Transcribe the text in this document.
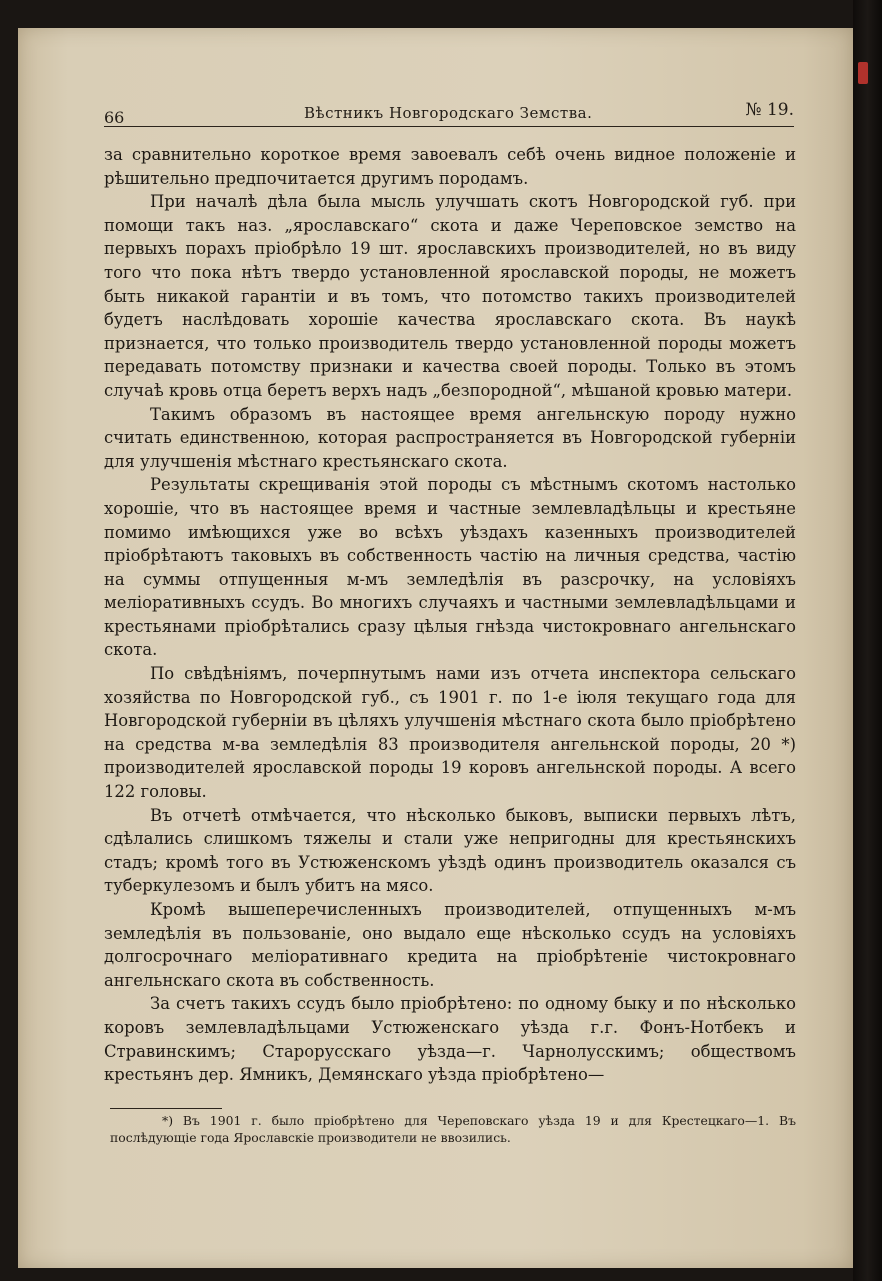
66	Вѣстникъ Новгородскаго Земства.	№ 19.

за сравнительно короткое время завоевалъ себѣ очень видное положеніе и рѣшительно предпочитается другимъ породамъ.

При началѣ дѣла была мысль улучшать скотъ Новгородской губ. при помощи такъ наз. „ярославскаго“ скота и даже Череповское земство на первыхъ порахъ пріобрѣло 19 шт. ярославскихъ производителей, но въ виду того что пока нѣтъ твердо установленной ярославской породы, не можетъ быть никакой гарантіи и въ томъ, что потомство такихъ производителей будетъ наслѣдовать хорошіе качества ярославскаго скота. Въ наукѣ признается, что только производитель твердо установленной породы можетъ передавать потомству признаки и качества своей породы. Только въ этомъ случаѣ кровь отца беретъ верхъ надъ „безпородной“, мѣшаной кровью матери.

Такимъ образомъ въ настоящее время ангельнскую породу нужно считать единственною, которая распространяется въ Новгородской губерніи для улучшенія мѣстнаго крестьянскаго скота.

Результаты скрещиванія этой породы съ мѣстнымъ скотомъ настолько хорошіе, что въ настоящее время и частные землевладѣльцы и крестьяне помимо имѣющихся уже во всѣхъ уѣздахъ казенныхъ производителей пріобрѣтаютъ таковыхъ въ собственность частію на личныя средства, частію на суммы отпущенныя м-мъ земледѣлія въ разсрочку, на условіяхъ меліоративныхъ ссудъ. Во многихъ случаяхъ и частными землевладѣльцами и крестьянами пріобрѣтались сразу цѣлыя гнѣзда чистокровнаго ангельнскаго скота.

По свѣдѣніямъ, почерпнутымъ нами изъ отчета инспектора сельскаго хозяйства по Новгородской губ., съ 1901 г. по 1-е іюля текущаго года для Новгородской губерніи въ цѣляхъ улучшенія мѣстнаго скота было пріобрѣтено на средства м-ва земледѣлія 83 производителя ангельнской породы, 20 *) производителей ярославской породы 19 коровъ ангельнской породы. А всего 122 головы.

Въ отчетѣ отмѣчается, что нѣсколько быковъ, выписки первыхъ лѣтъ, сдѣлались слишкомъ тяжелы и стали уже непригодны для крестьянскихъ стадъ; кромѣ того въ Устюженскомъ уѣздѣ одинъ производитель оказался съ туберкулезомъ и былъ убитъ на мясо.

Кромѣ вышеперечисленныхъ производителей, отпущенныхъ м-мъ земледѣлія въ пользованіе, оно выдало еще нѣсколько ссудъ на условіяхъ долгосрочнаго меліоративнаго кредита на пріобрѣтеніе чистокровнаго ангельнскаго скота въ собственность.

За счетъ такихъ ссудъ было пріобрѣтено: по одному быку и по нѣсколько коровъ землевладѣльцами Устюженскаго уѣзда г.г. Фонъ-Нотбекъ и Стравинскимъ; Старорусскаго уѣзда—г. Чарнолусскимъ; обществомъ крестьянъ дер. Ямникъ, Демянскаго уѣзда пріобрѣтено—

*) Въ 1901 г. было пріобрѣтено для Череповскаго уѣзда 19 и для Крестецкаго—1. Въ послѣдующіе года Ярославскіе производители не ввозились.
